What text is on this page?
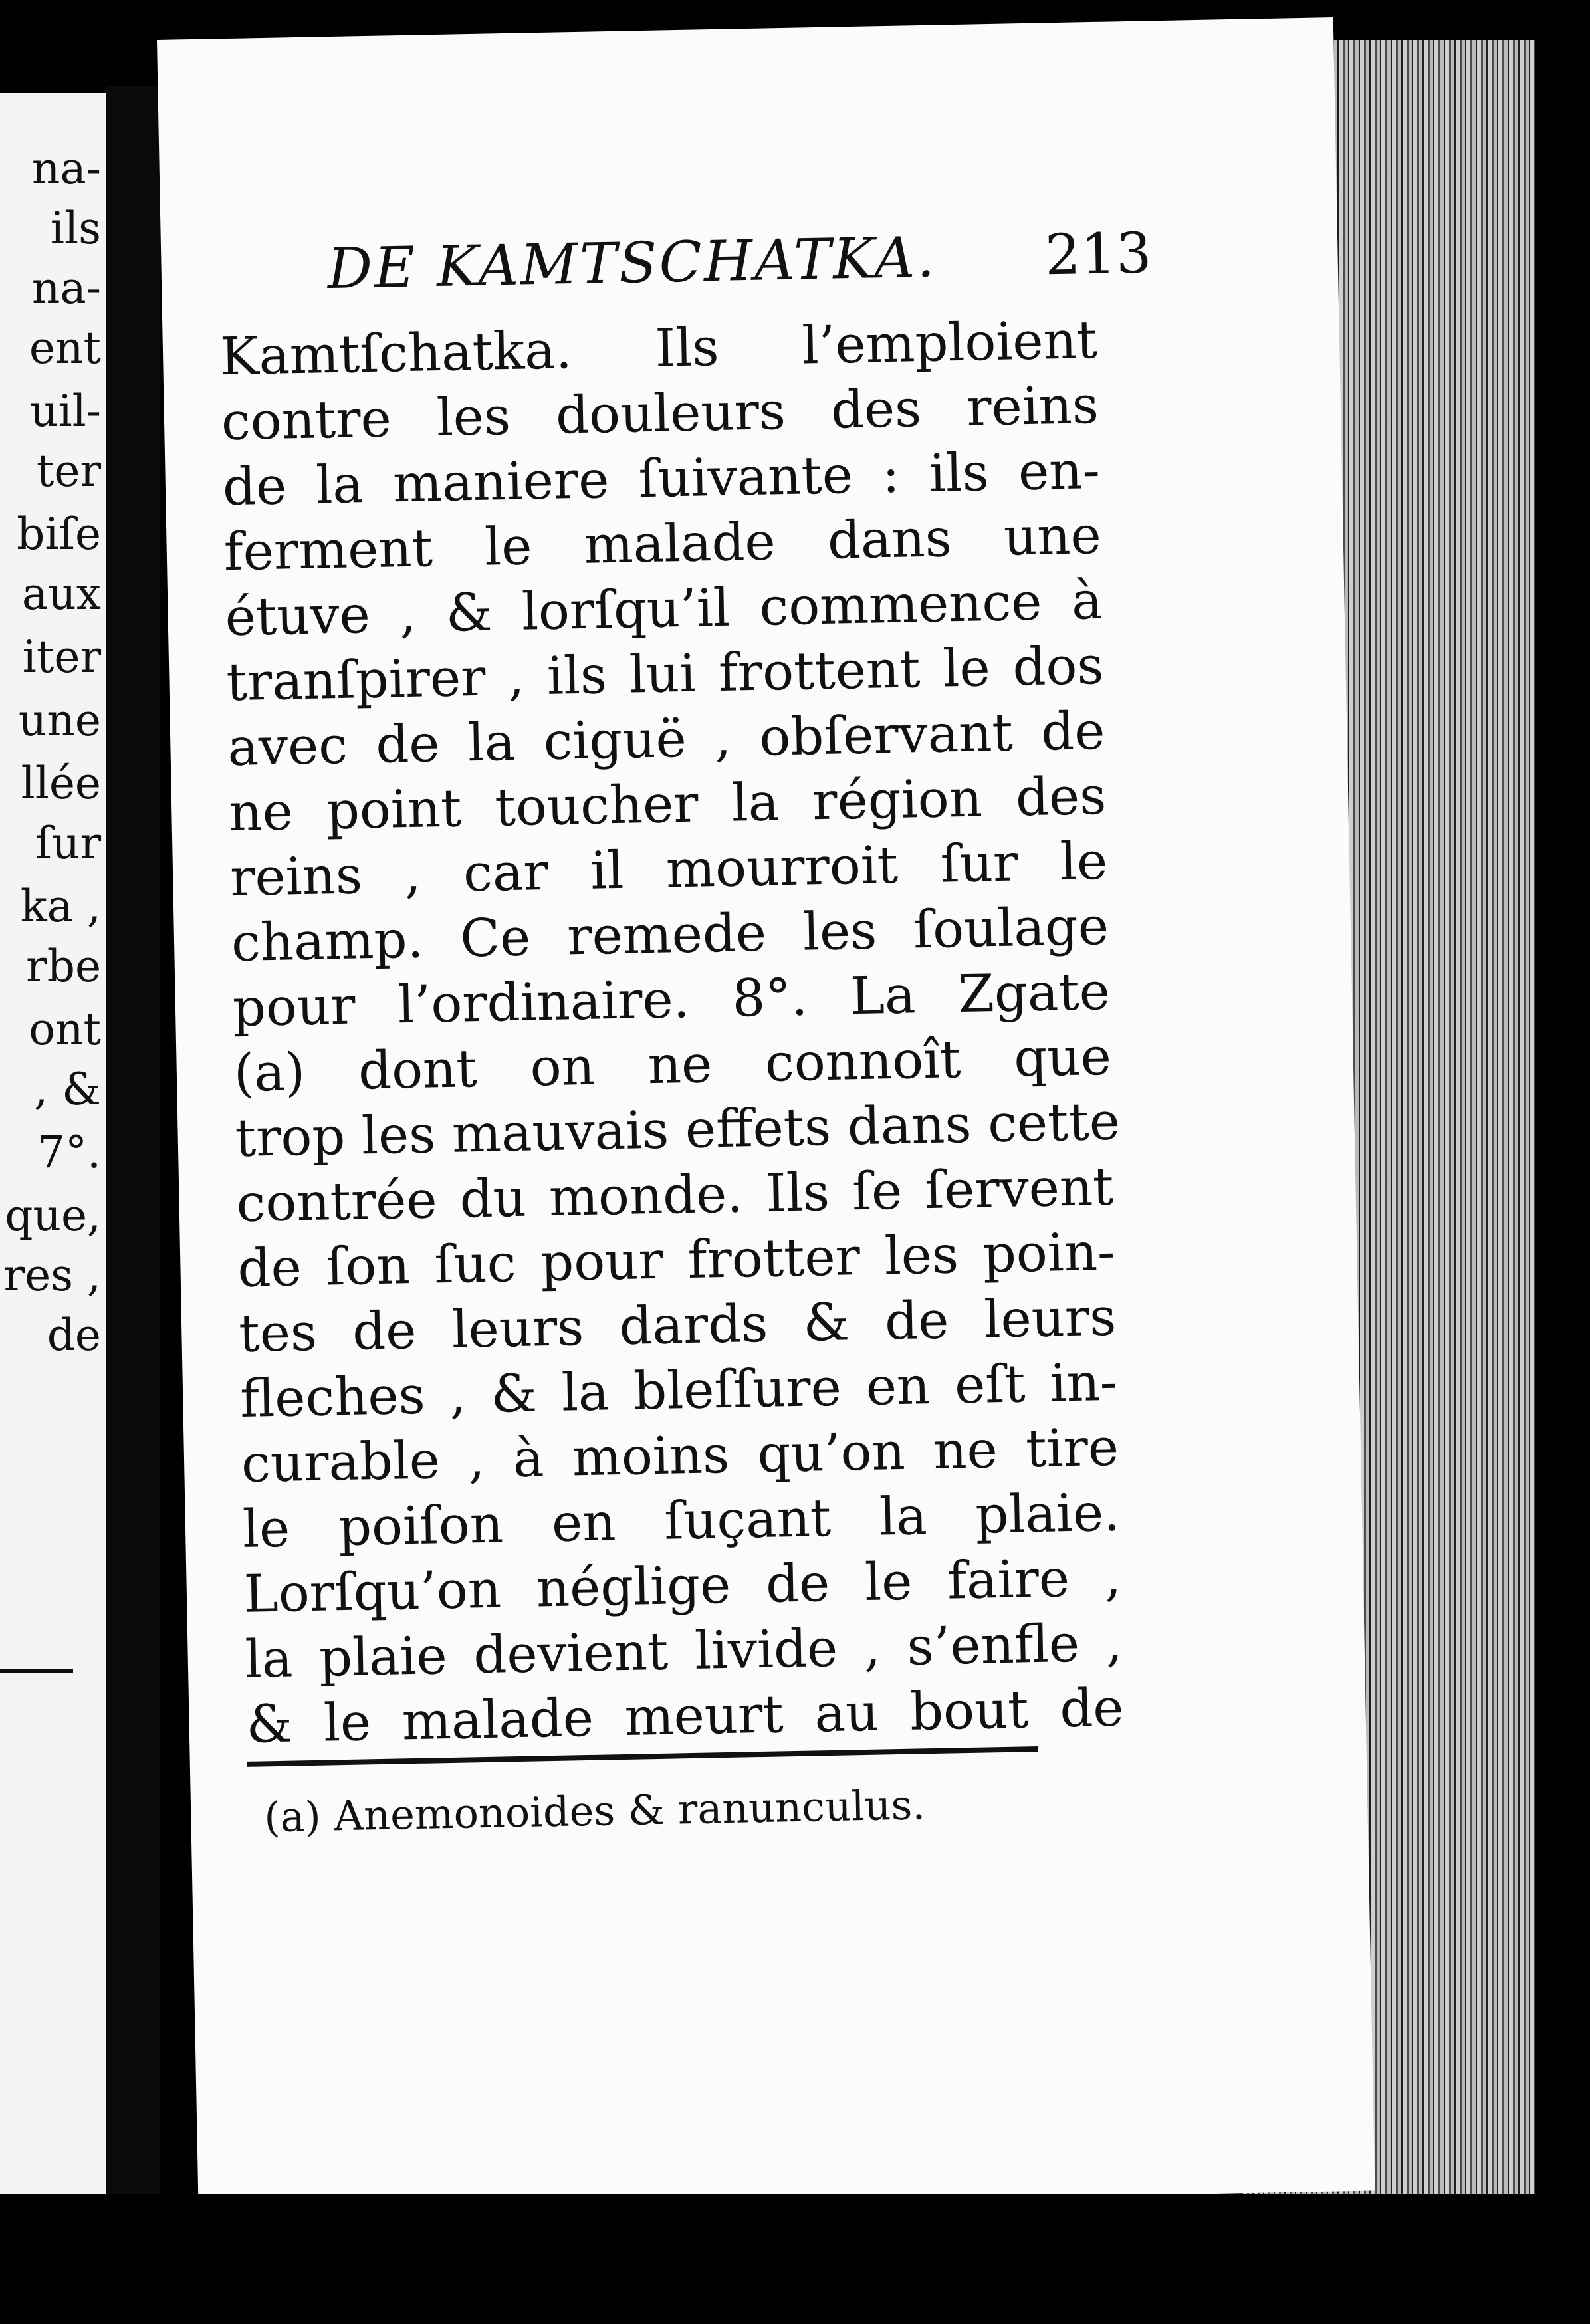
na-
ils
na-
ent
uil-
ter
biſe
aux
iter
une
llée
ſur
ka ,
rbe
ont
, &
7°.
que,
res ,
de
DE KAMTSCHATKA. 213
Kamtſchatka. Ils l’emploient
contre les douleurs des reins
de la maniere ſuivante : ils en-
ferment le malade dans une
étuve , & lorſqu’il commence à
tranſpirer , ils lui frottent le dos
avec de la ciguë , obſervant de
ne point toucher la région des
reins , car il mourroit ſur le
champ. Ce remede les ſoulage
pour l’ordinaire. 8°. La Zgate
(a) dont on ne connoît que
trop les mauvais effets dans cette
contrée du monde. Ils ſe ſervent
de ſon ſuc pour frotter les poin-
tes de leurs dards & de leurs
fleches , & la bleſſure en eſt in-
curable , à moins qu’on ne tire
le poiſon en ſuçant la plaie.
Lorſqu’on néglige de le faire ,
la plaie devient livide , s’enfle ,
& le malade meurt au bout de
(a) Anemonoides & ranunculus.
